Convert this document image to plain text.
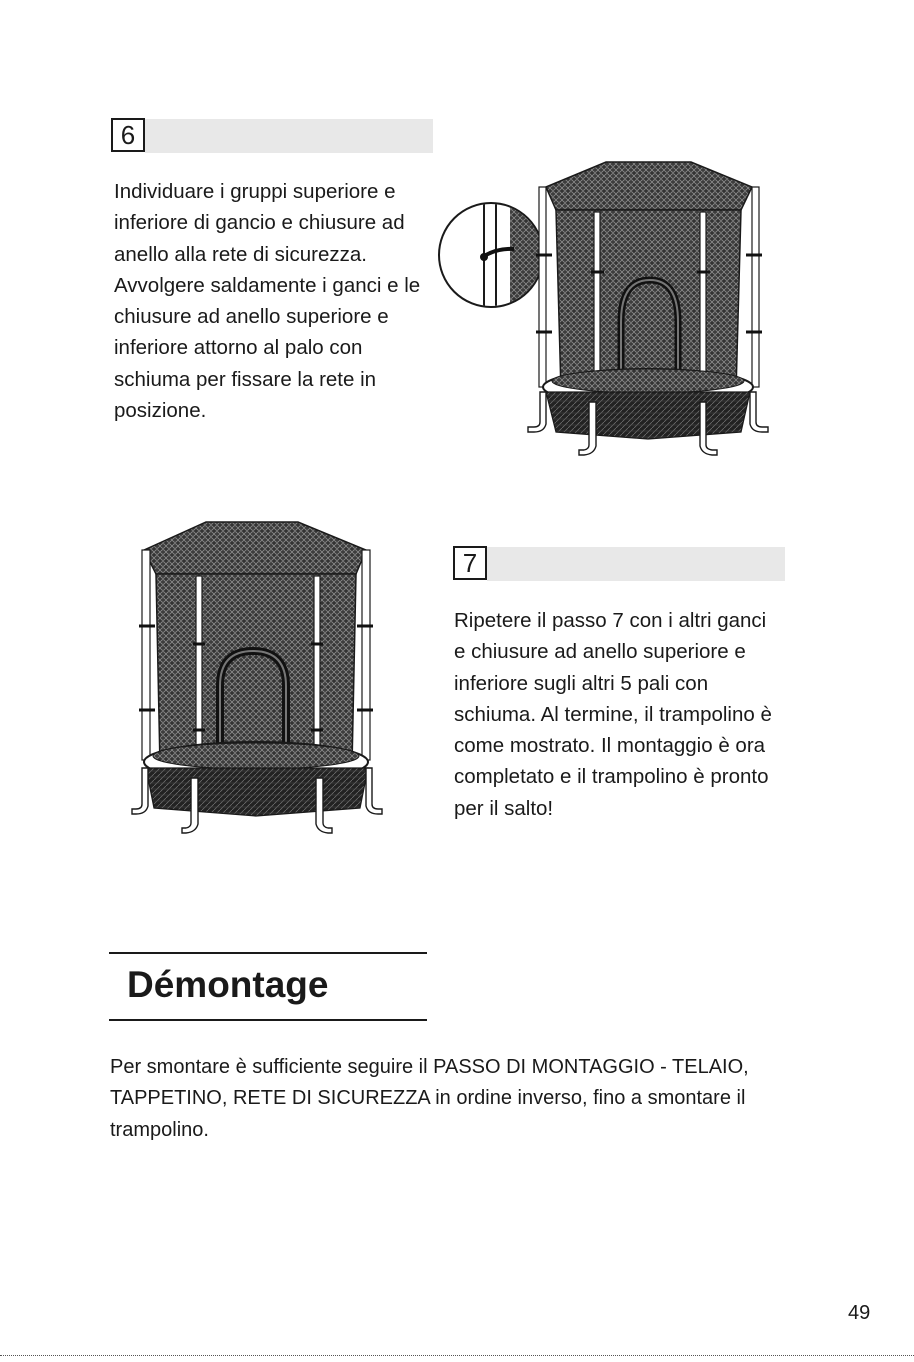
6

Individuare i gruppi superiore e inferiore di gancio e chiusure ad anello alla rete di sicurezza. Avvolgere saldamente i ganci e le chiusure ad anello superiore e inferiore attorno al palo con schiuma per fissare la rete in posizione.

7

Ripetere il passo 7 con i altri ganci e chiusure ad anello superiore e inferiore sugli altri 5 pali con schiuma. Al termine, il trampolino è come mostrato. Il montaggio è ora completato e il trampolino è pronto per il salto!

Démontage

Per smontare è sufficiente seguire il PASSO DI MONTAGGIO - TELAIO, TAPPETINO, RETE DI SICUREZZA in ordine inverso, fino a smontare il trampolino.

49
